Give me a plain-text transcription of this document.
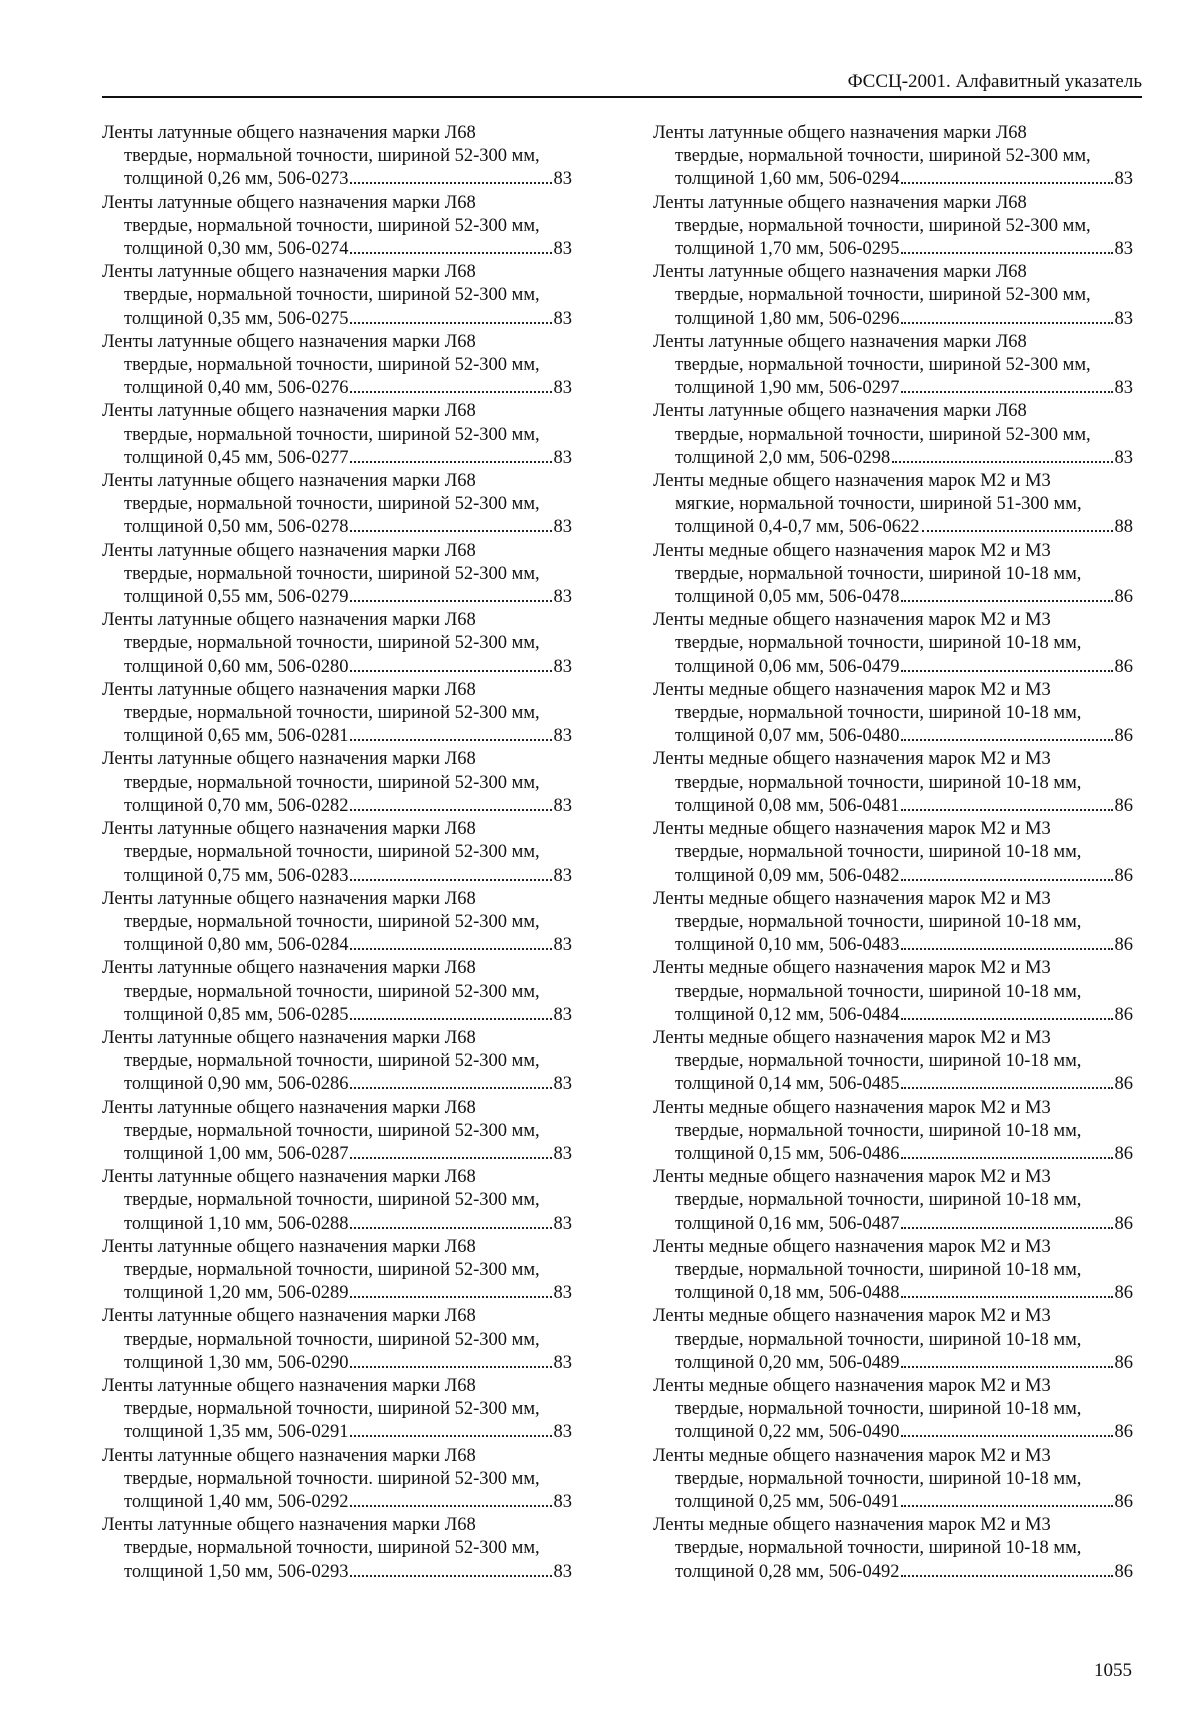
ФССЦ-2001. Алфавитный указатель
Ленты латунные общего назначения марки Л68
твердые, нормальной точности, шириной 52-300 мм,
толщиной 0,26 мм, 506-0273	83
Ленты латунные общего назначения марки Л68
твердые, нормальной точности, шириной 52-300 мм,
толщиной 0,30 мм, 506-0274	83
Ленты латунные общего назначения марки Л68
твердые, нормальной точности, шириной 52-300 мм,
толщиной 0,35 мм, 506-0275	83
Ленты латунные общего назначения марки Л68
твердые, нормальной точности, шириной 52-300 мм,
толщиной 0,40 мм, 506-0276	83
Ленты латунные общего назначения марки Л68
твердые, нормальной точности, шириной 52-300 мм,
толщиной 0,45 мм, 506-0277	83
Ленты латунные общего назначения марки Л68
твердые, нормальной точности, шириной 52-300 мм,
толщиной 0,50 мм, 506-0278	83
Ленты латунные общего назначения марки Л68
твердые, нормальной точности, шириной 52-300 мм,
толщиной 0,55 мм, 506-0279	83
Ленты латунные общего назначения марки Л68
твердые, нормальной точности, шириной 52-300 мм,
толщиной 0,60 мм, 506-0280	83
Ленты латунные общего назначения марки Л68
твердые, нормальной точности, шириной 52-300 мм,
толщиной 0,65 мм, 506-0281	83
Ленты латунные общего назначения марки Л68
твердые, нормальной точности, шириной 52-300 мм,
толщиной 0,70 мм, 506-0282	83
Ленты латунные общего назначения марки Л68
твердые, нормальной точности, шириной 52-300 мм,
толщиной 0,75 мм, 506-0283	83
Ленты латунные общего назначения марки Л68
твердые, нормальной точности, шириной 52-300 мм,
толщиной 0,80 мм, 506-0284	83
Ленты латунные общего назначения марки Л68
твердые, нормальной точности, шириной 52-300 мм,
толщиной 0,85 мм, 506-0285	83
Ленты латунные общего назначения марки Л68
твердые, нормальной точности, шириной 52-300 мм,
толщиной 0,90 мм, 506-0286	83
Ленты латунные общего назначения марки Л68
твердые, нормальной точности, шириной 52-300 мм,
толщиной 1,00 мм, 506-0287	83
Ленты латунные общего назначения марки Л68
твердые, нормальной точности, шириной 52-300 мм,
толщиной 1,10 мм, 506-0288	83
Ленты латунные общего назначения марки Л68
твердые, нормальной точности, шириной 52-300 мм,
толщиной 1,20 мм, 506-0289	83
Ленты латунные общего назначения марки Л68
твердые, нормальной точности, шириной 52-300 мм,
толщиной 1,30 мм, 506-0290	83
Ленты латунные общего назначения марки Л68
твердые, нормальной точности, шириной 52-300 мм,
толщиной 1,35 мм, 506-0291	83
Ленты латунные общего назначения марки Л68
твердые, нормальной точности. шириной 52-300 мм,
толщиной 1,40 мм, 506-0292	83
Ленты латунные общего назначения марки Л68
твердые, нормальной точности, шириной 52-300 мм,
толщиной 1,50 мм, 506-0293	83
Ленты латунные общего назначения марки Л68
твердые, нормальной точности, шириной 52-300 мм,
толщиной 1,60 мм, 506-0294	83
Ленты латунные общего назначения марки Л68
твердые, нормальной точности, шириной 52-300 мм,
толщиной 1,70 мм, 506-0295	83
Ленты латунные общего назначения марки Л68
твердые, нормальной точности, шириной 52-300 мм,
толщиной 1,80 мм, 506-0296	83
Ленты латунные общего назначения марки Л68
твердые, нормальной точности, шириной 52-300 мм,
толщиной 1,90 мм, 506-0297	83
Ленты латунные общего назначения марки Л68
твердые, нормальной точности, шириной 52-300 мм,
толщиной 2,0 мм, 506-0298	83
Ленты медные общего назначения марок М2 и М3
мягкие, нормальной точности, шириной 51-300 мм,
толщиной 0,4-0,7 мм, 506-0622	88
Ленты медные общего назначения марок М2 и М3
твердые, нормальной точности, шириной 10-18 мм,
толщиной 0,05 мм, 506-0478	86
Ленты медные общего назначения марок М2 и М3
твердые, нормальной точности, шириной 10-18 мм,
толщиной 0,06 мм, 506-0479	86
Ленты медные общего назначения марок М2 и М3
твердые, нормальной точности, шириной 10-18 мм,
толщиной 0,07 мм, 506-0480	86
Ленты медные общего назначения марок М2 и М3
твердые, нормальной точности, шириной 10-18 мм,
толщиной 0,08 мм, 506-0481	86
Ленты медные общего назначения марок М2 и М3
твердые, нормальной точности, шириной 10-18 мм,
толщиной 0,09 мм, 506-0482	86
Ленты медные общего назначения марок М2 и М3
твердые, нормальной точности, шириной 10-18 мм,
толщиной 0,10 мм, 506-0483	86
Ленты медные общего назначения марок М2 и М3
твердые, нормальной точности, шириной 10-18 мм,
толщиной 0,12 мм, 506-0484	86
Ленты медные общего назначения марок М2 и М3
твердые, нормальной точности, шириной 10-18 мм,
толщиной 0,14 мм, 506-0485	86
Ленты медные общего назначения марок М2 и М3
твердые, нормальной точности, шириной 10-18 мм,
толщиной 0,15 мм, 506-0486	86
Ленты медные общего назначения марок М2 и М3
твердые, нормальной точности, шириной 10-18 мм,
толщиной 0,16 мм, 506-0487	86
Ленты медные общего назначения марок М2 и М3
твердые, нормальной точности, шириной 10-18 мм,
толщиной 0,18 мм, 506-0488	86
Ленты медные общего назначения марок М2 и М3
твердые, нормальной точности, шириной 10-18 мм,
толщиной 0,20 мм, 506-0489	86
Ленты медные общего назначения марок М2 и М3
твердые, нормальной точности, шириной 10-18 мм,
толщиной 0,22 мм, 506-0490	86
Ленты медные общего назначения марок М2 и М3
твердые, нормальной точности, шириной 10-18 мм,
толщиной 0,25 мм, 506-0491	86
Ленты медные общего назначения марок М2 и М3
твердые, нормальной точности, шириной 10-18 мм,
толщиной 0,28 мм, 506-0492	86
1055
